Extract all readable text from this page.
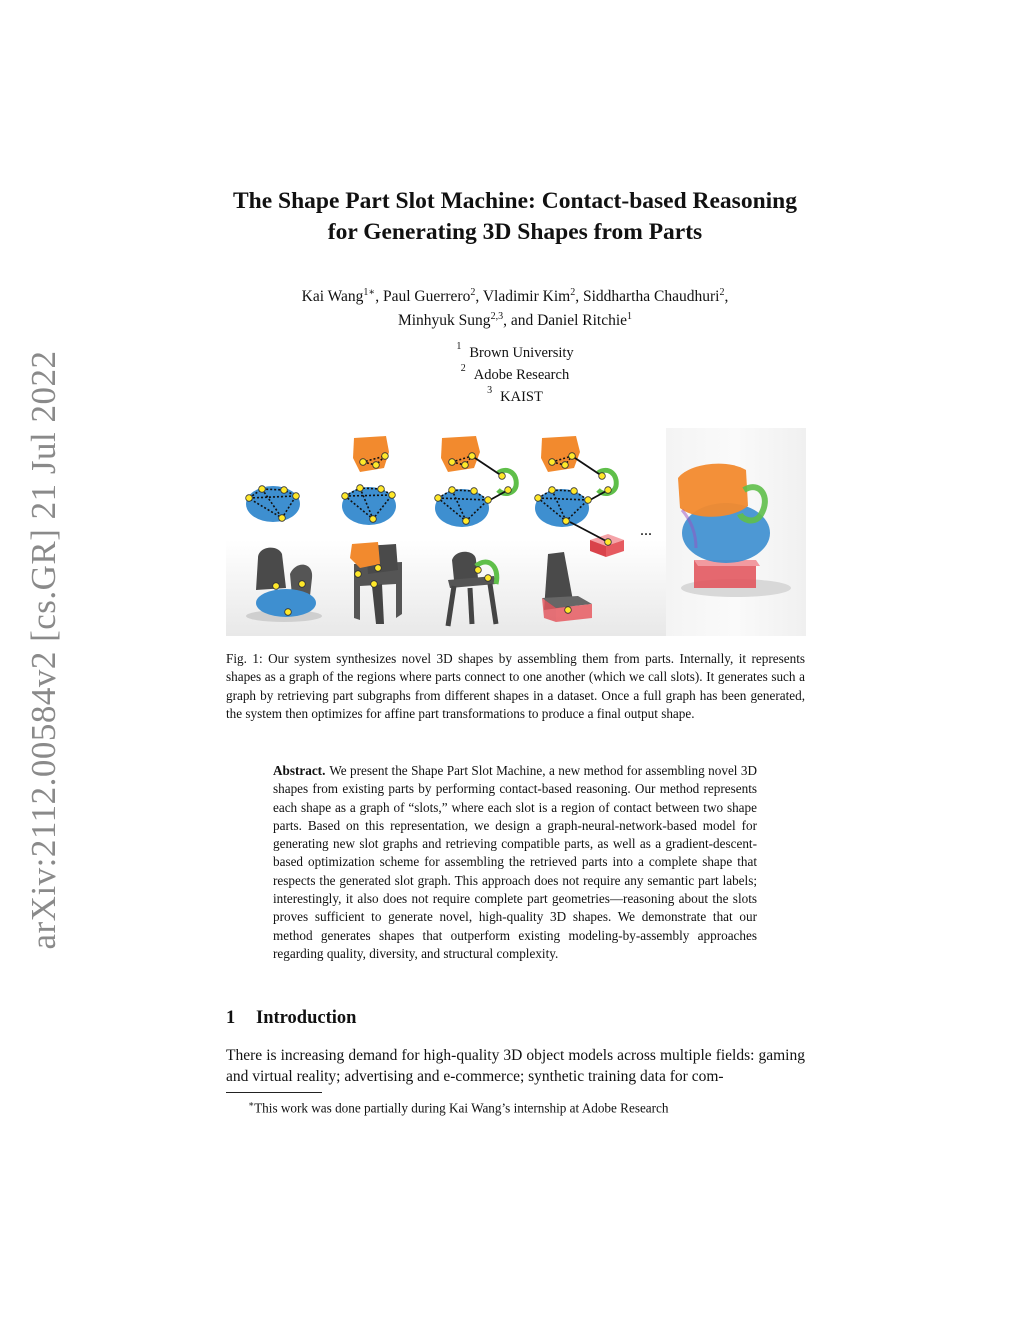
arXiv:2112.00584v2 [cs.GR] 21 Jul 2022
The Shape Part Slot Machine: Contact-based Reasoning
for Generating 3D Shapes from Parts
Kai Wang$^{1∗}$, Paul Guerrero$^2$, Vladimir Kim$^2$, Siddhartha Chaudhuri$^2$,
Minhyuk Sung$^{2,3}$, and Daniel Ritchie$^1$
$^1$ Brown University
$^2$ Adobe Research
$^3$ KAIST
...
Fig. 1: Our system synthesizes novel 3D shapes by assembling them from parts. Internally, it represents shapes as a graph of the regions where parts connect to one another (which we call slots). It generates such a graph by retrieving part subgraphs from different shapes in a dataset. Once a full graph has been generated, the system then optimizes for affine part transformations to produce a final output shape.
Abstract. We present the Shape Part Slot Machine, a new method for assembling novel 3D shapes from existing parts by performing contact-based reasoning. Our method represents each shape as a graph of “slots,” where each slot is a region of contact between two shape parts. Based on this representation, we design a graph-neural-network-based model for generating new slot graphs and retrieving compatible parts, as well as a gradient-descent-based optimization scheme for assembling the retrieved parts into a complete shape that respects the generated slot graph. This approach does not require any semantic part labels; interestingly, it also does not require complete part geometries—reasoning about the slots proves sufficient to generate novel, high-quality 3D shapes. We demonstrate that our method generates shapes that outperform existing modeling-by-assembly approaches regarding quality, diversity, and structural complexity.
1 Introduction
There is increasing demand for high-quality 3D object models across multiple fields: gaming and virtual reality; advertising and e-commerce; synthetic training data for com-
∗This work was done partially during Kai Wang’s internship at Adobe Research
